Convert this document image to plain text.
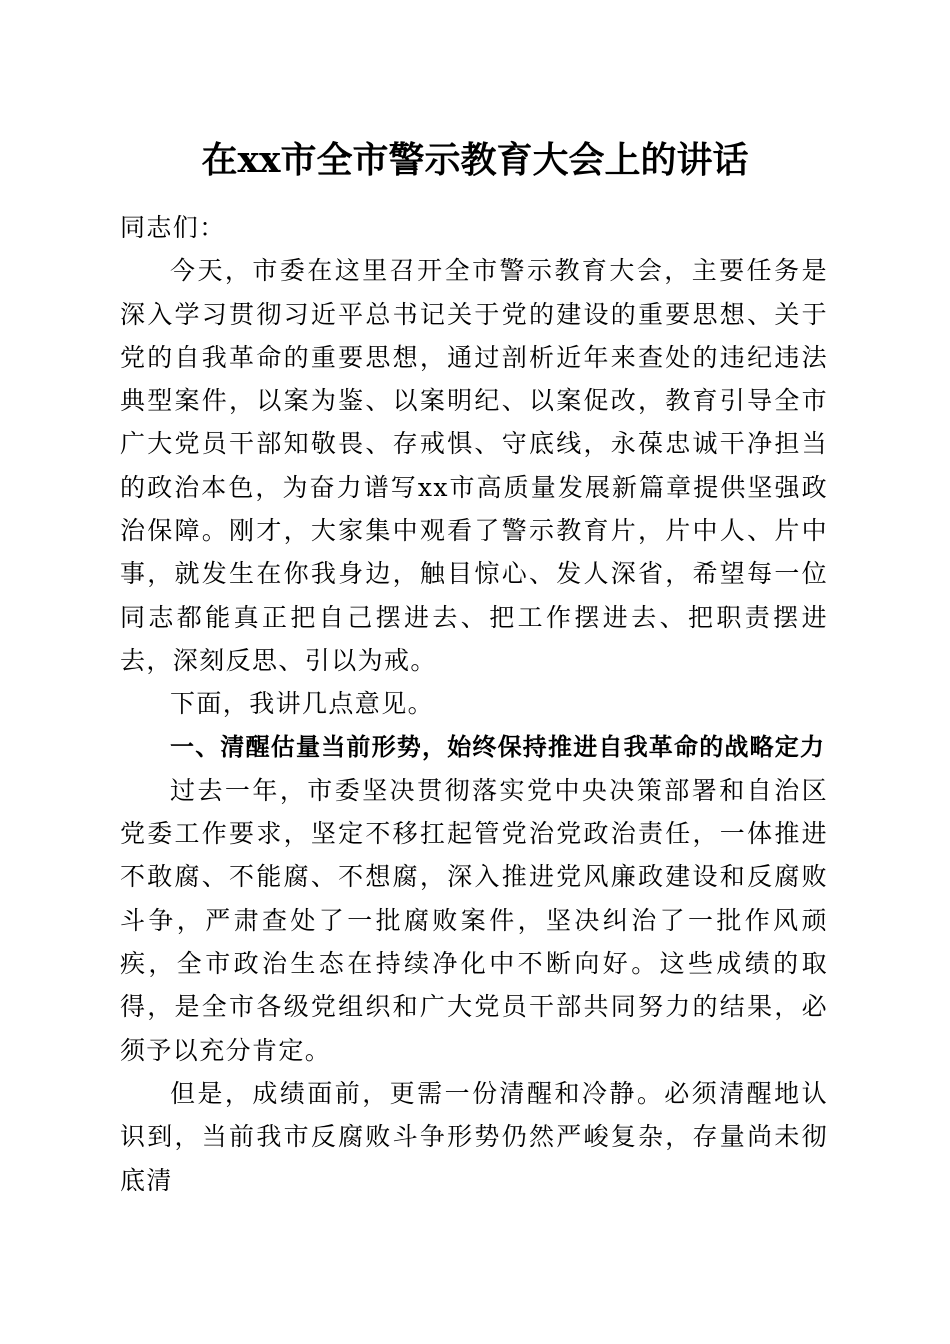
在xx市全市警示教育大会上的讲话

同志们：

今天，市委在这里召开全市警示教育大会，主要任务是深入学习贯彻习近平总书记关于党的建设的重要思想、关于党的自我革命的重要思想，通过剖析近年来查处的违纪违法典型案件，以案为鉴、以案明纪、以案促改，教育引导全市广大党员干部知敬畏、存戒惧、守底线，永葆忠诚干净担当的政治本色，为奋力谱写xx市高质量发展新篇章提供坚强政治保障。刚才，大家集中观看了警示教育片，片中人、片中事，就发生在你我身边，触目惊心、发人深省，希望每一位同志都能真正把自己摆进去、把工作摆进去、把职责摆进去，深刻反思、引以为戒。

下面，我讲几点意见。

一、清醒估量当前形势，始终保持推进自我革命的战略定力

过去一年，市委坚决贯彻落实党中央决策部署和自治区党委工作要求，坚定不移扛起管党治党政治责任，一体推进不敢腐、不能腐、不想腐，深入推进党风廉政建设和反腐败斗争，严肃查处了一批腐败案件，坚决纠治了一批作风顽疾，全市政治生态在持续净化中不断向好。这些成绩的取得，是全市各级党组织和广大党员干部共同努力的结果，必须予以充分肯定。

但是，成绩面前，更需一份清醒和冷静。必须清醒地认识到，当前我市反腐败斗争形势仍然严峻复杂，存量尚未彻底清
